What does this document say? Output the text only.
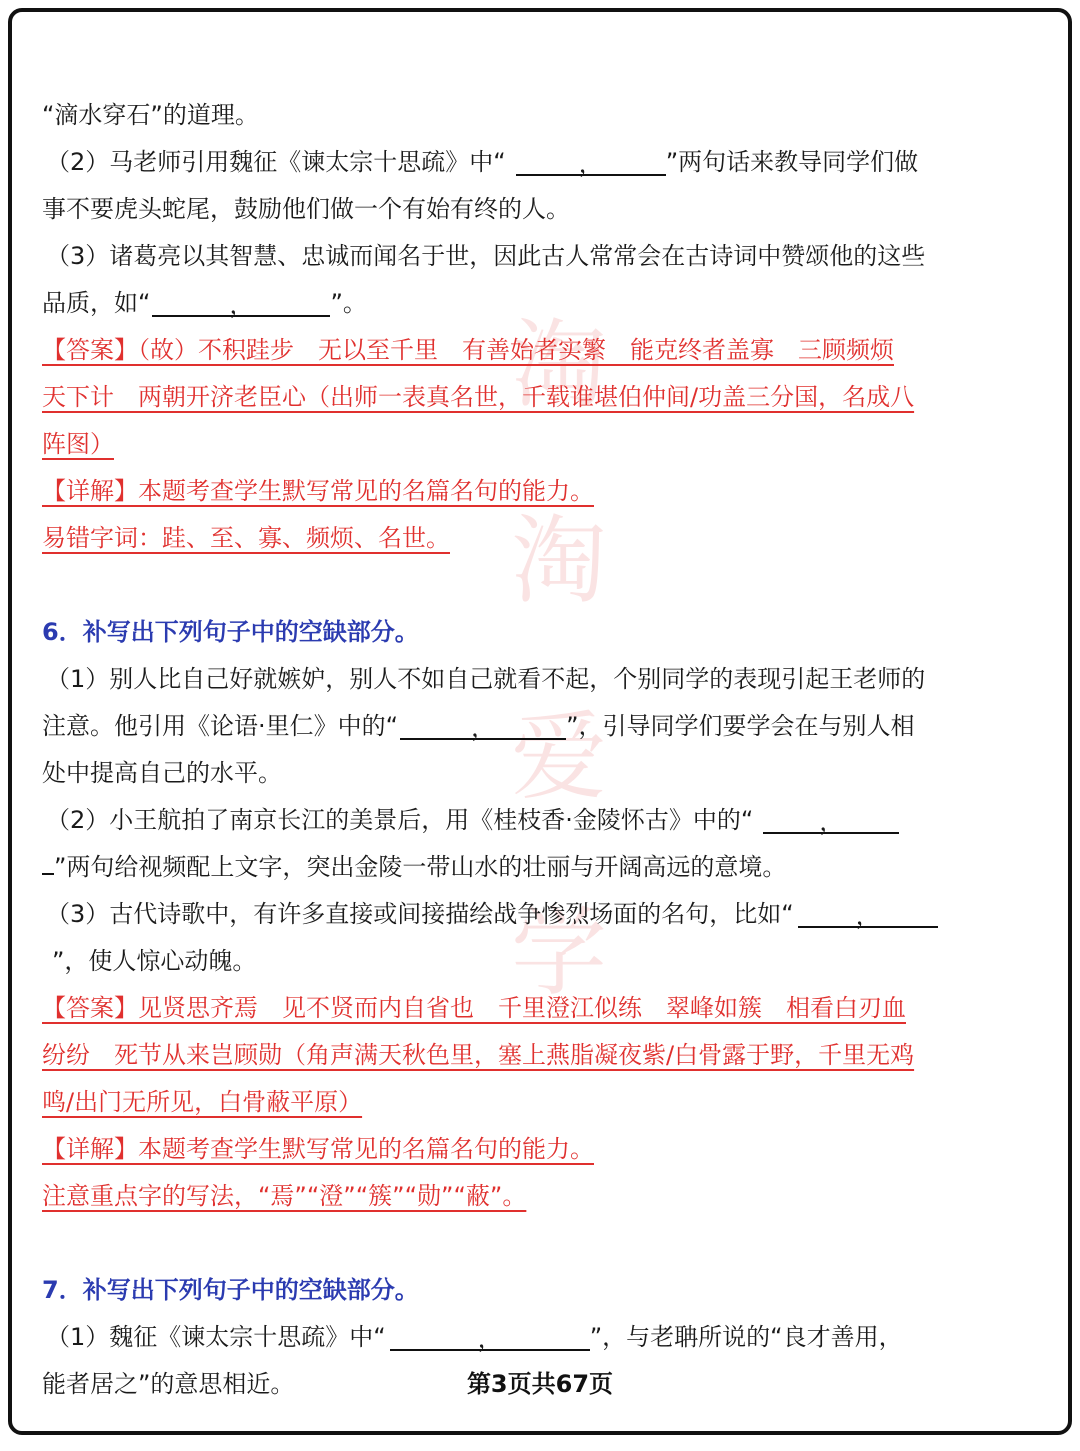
淘
淘
爱
学
“滴水穿石”的道理。
（2）马老师引用魏征《谏太宗十思疏》中“	，	”两句话来教导同学们做
事不要虎头蛇尾，鼓励他们做一个有始有终的人。
（3）诸葛亮以其智慧、忠诚而闻名于世，因此古人常常会在古诗词中赞颂他的这些
品质，如“	，	”。
【答案】（故）不积跬步　无以至千里　有善始者实繁　能克终者盖寡　三顾频烦
天下计　两朝开济老臣心（出师一表真名世，千载谁堪伯仲间/功盖三分国，名成八
阵图）
【详解】本题考查学生默写常见的名篇名句的能力。
易错字词：跬、至、寡、频烦、名世。
6．补写出下列句子中的空缺部分。
（1）别人比自己好就嫉妒，别人不如自己就看不起，个别同学的表现引起王老师的
注意。他引用《论语·里仁》中的“	，	”，引导同学们要学会在与别人相
处中提高自己的水平。
（2）小王航拍了南京长江的美景后，用《桂枝香·金陵怀古》中的“	，
”两句给视频配上文字，突出金陵一带山水的壮丽与开阔高远的意境。
（3）古代诗歌中，有许多直接或间接描绘战争惨烈场面的名句，比如“	，
”，使人惊心动魄。
【答案】见贤思齐焉　见不贤而内自省也　千里澄江似练　翠峰如簇　相看白刃血
纷纷　死节从来岂顾勋（角声满天秋色里，塞上燕脂凝夜紫/白骨露于野，千里无鸡
鸣/出门无所见，白骨蔽平原）
【详解】本题考查学生默写常见的名篇名句的能力。
注意重点字的写法，“焉”“澄”“簇”“勋”“蔽”。
7．补写出下列句子中的空缺部分。
（1）魏征《谏太宗十思疏》中“	，	”，与老聃所说的“良才善用，
能者居之”的意思相近。	第3页共67页
